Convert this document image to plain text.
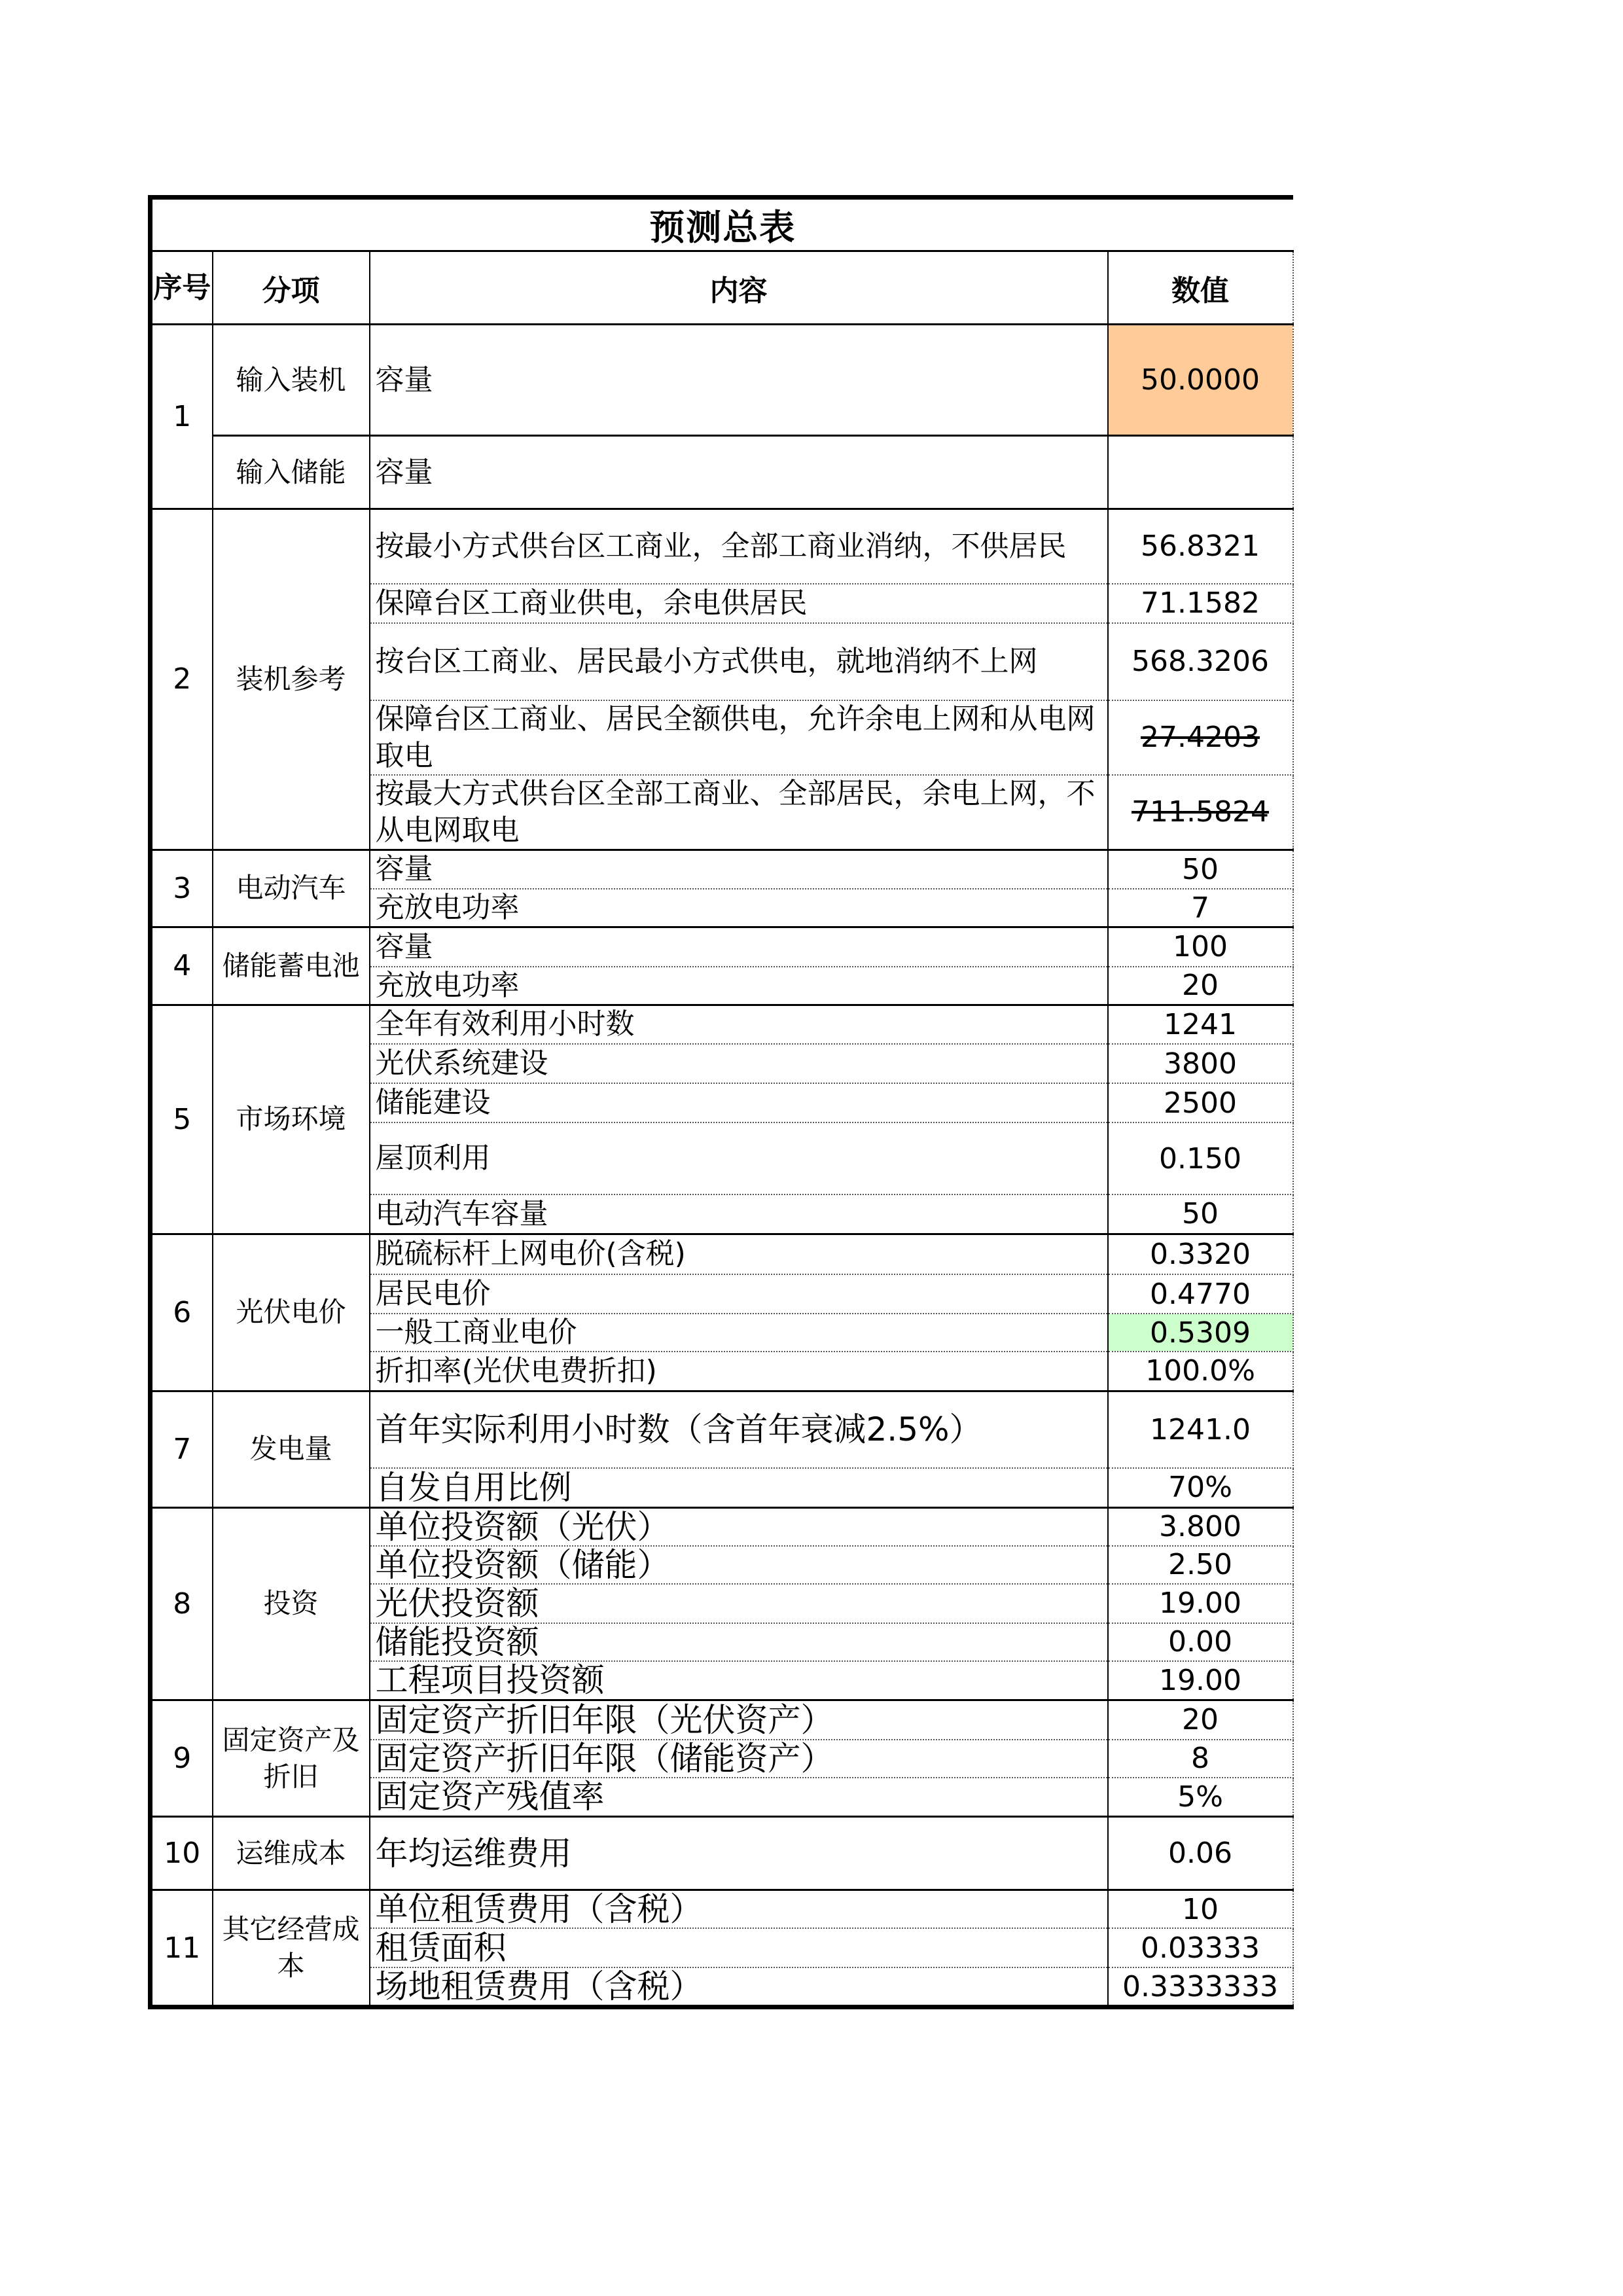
预测总表			
序号	分项	内容	数值
1	输入装机	容量	50.0000
	输入储能	容量	
2	装机参考	按最小方式供台区工商业，全部工商业消纳，不供居民	56.8321
		保障台区工商业供电，余电供居民	71.1582
		按台区工商业、居民最小方式供电，就地消纳不上网	568.3206
		保障台区工商业、居民全额供电，允许余电上网和从电网取电	27.4203
		按最大方式供台区全部工商业、全部居民，余电上网，不从电网取电	711.5824
3	电动汽车	容量	50
		充放电功率	7
4	储能蓄电池	容量	100
		充放电功率	20
5	市场环境	全年有效利用小时数	1241
		光伏系统建设	3800
		储能建设	2500
		屋顶利用	0.150
		电动汽车容量	50
6	光伏电价	脱硫标杆上网电价(含税)	0.3320
		居民电价	0.4770
		一般工商业电价	0.5309
		折扣率(光伏电费折扣)	100.0%
7	发电量	首年实际利用小时数（含首年衰减2.5%）	1241.0
		自发自用比例	70%
8	投资	单位投资额（光伏）	3.800
		单位投资额（储能）	2.50
		光伏投资额	19.00
		储能投资额	0.00
		工程项目投资额	19.00
9	固定资产及折旧	固定资产折旧年限（光伏资产）	20
		固定资产折旧年限（储能资产）	8
		固定资产残值率	5%
10	运维成本	年均运维费用	0.06
11	其它经营成本	单位租赁费用（含税）	10
		租赁面积	0.03333
		场地租赁费用（含税）	0.3333333
